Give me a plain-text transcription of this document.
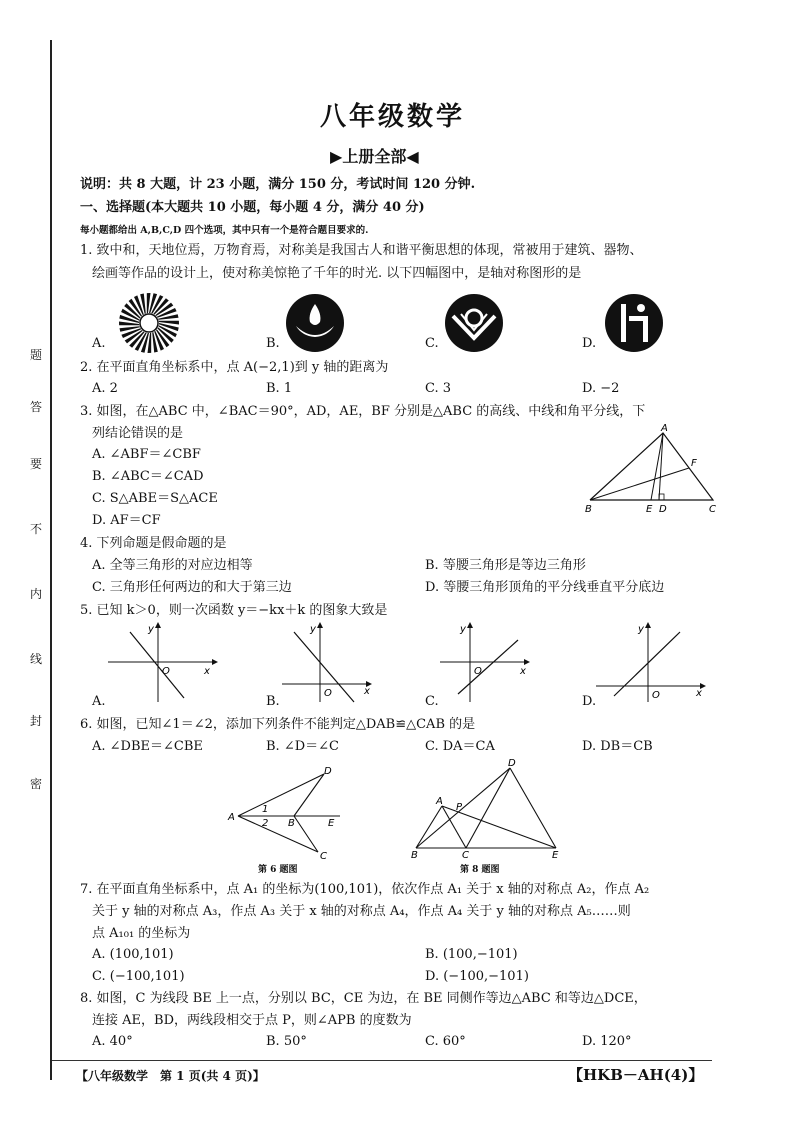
题
答
要
不
内
线
封
密
八年级数学
▶上册全部◀
说明：共 8 大题，计 23 小题，满分 150 分，考试时间 120 分钟.
一、选择题(本大题共 10 小题，每小题 4 分，满分 40 分)
每小题都给出 A,B,C,D 四个选项，其中只有一个是符合题目要求的.
1. 致中和，天地位焉，万物育焉，对称美是我国古人和谐平衡思想的体现，常被用于建筑、器物、
绘画等作品的设计上，使对称美惊艳了千年的时光. 以下四幅图中，是轴对称图形的是
A.	B.	C.	D.
2. 在平面直角坐标系中，点 A(−2,1)到 y 轴的距离为
A. 2	B. 1	C. 3	D. −2
3. 如图，在△ABC 中，∠BAC＝90°，AD，AE，BF 分别是△ABC 的高线、中线和角平分线，下
列结论错误的是
A. ∠ABF＝∠CBF
B. ∠ABC＝∠CAD
C. S△ABE＝S△ACE
D. AF＝CF
A
F
B	E D	C
4. 下列命题是假命题的是
A. 全等三角形的对应边相等	B. 等腰三角形是等边三角形
C. 三角形任何两边的和大于第三边	D. 等腰三角形顶角的平分线垂直平分底边
5. 已知 k＞0，则一次函数 y＝−kx＋k 的图象大致是
x
y
O
x
y
O
x
y
O
x
y
O
A.	B.	C.	D.
6. 如图，已知∠1＝∠2，添加下列条件不能判定△DAB≌△CAB 的是
A. ∠DBE＝∠CBE	B. ∠D＝∠C	C. DA＝CA	D. DB＝CB
D
A
1
2 B	E
C
第 6 题图
D
A
P
B	C	E
第 8 题图
7. 在平面直角坐标系中，点 A₁ 的坐标为(100,101)，依次作点 A₁ 关于 x 轴的对称点 A₂，作点 A₂
关于 y 轴的对称点 A₃，作点 A₃ 关于 x 轴的对称点 A₄，作点 A₄ 关于 y 轴的对称点 A₅……则
点 A₁₀₁ 的坐标为
A. (100,101)	B. (100,−101)
C. (−100,101)	D. (−100,−101)
8. 如图，C 为线段 BE 上一点，分别以 BC，CE 为边，在 BE 同侧作等边△ABC 和等边△DCE，
连接 AE，BD，两线段相交于点 P，则∠APB 的度数为
A. 40°	B. 50°	C. 60°	D. 120°
【八年级数学　第 1 页(共 4 页)】	【HKB－AH(4)】
